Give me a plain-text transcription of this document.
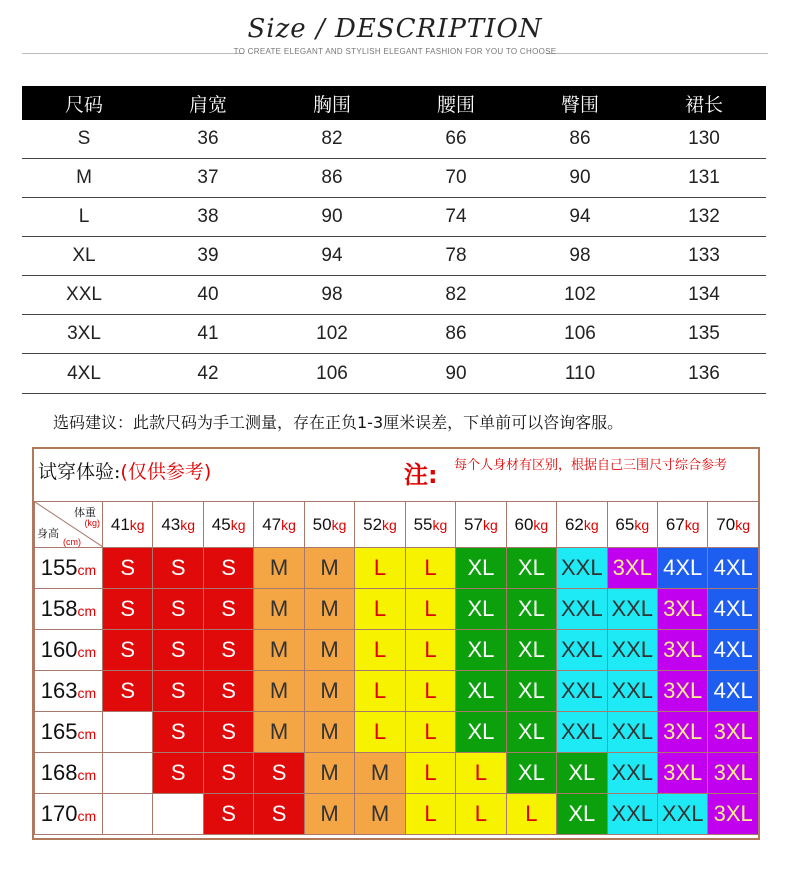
Size / DESCRIPTION
TO CREATE ELEGANT AND STYLISH ELEGANT FASHION FOR YOU TO CHOOSE
尺码	肩宽	胸围	腰围	臀围	裙长
S	36	82	66	86	130
M	37	86	70	90	131
L	38	90	74	94	132
XL	39	94	78	98	133
XXL	40	98	82	102	134
3XL	41	102	86	106	135
4XL	42	106	90	110	136
选码建议：此款尺码为手工测量，存在正负1-3厘米误差，下单前可以咨询客服。
试穿体验:(仅供参考)	注: 每个人身材有区别，根据自己三围尺寸综合参考
体重
(kg)
身高
(cm)	41kg	43kg	45kg	47kg	50kg	52kg	55kg	57kg	60kg	62kg	65kg	67kg	70kg
155cm	S	S	S	M	M	L	L	XL	XL	XXL	3XL	4XL	4XL
158cm	S	S	S	M	M	L	L	XL	XL	XXL	XXL	3XL	4XL
160cm	S	S	S	M	M	L	L	XL	XL	XXL	XXL	3XL	4XL
163cm	S	S	S	M	M	L	L	XL	XL	XXL	XXL	3XL	4XL
165cm		S	S	M	M	L	L	XL	XL	XXL	XXL	3XL	3XL
168cm		S	S	S	M	M	L	L	XL	XL	XXL	3XL	3XL
170cm			S	S	M	M	L	L	L	XL	XXL	XXL	3XL
